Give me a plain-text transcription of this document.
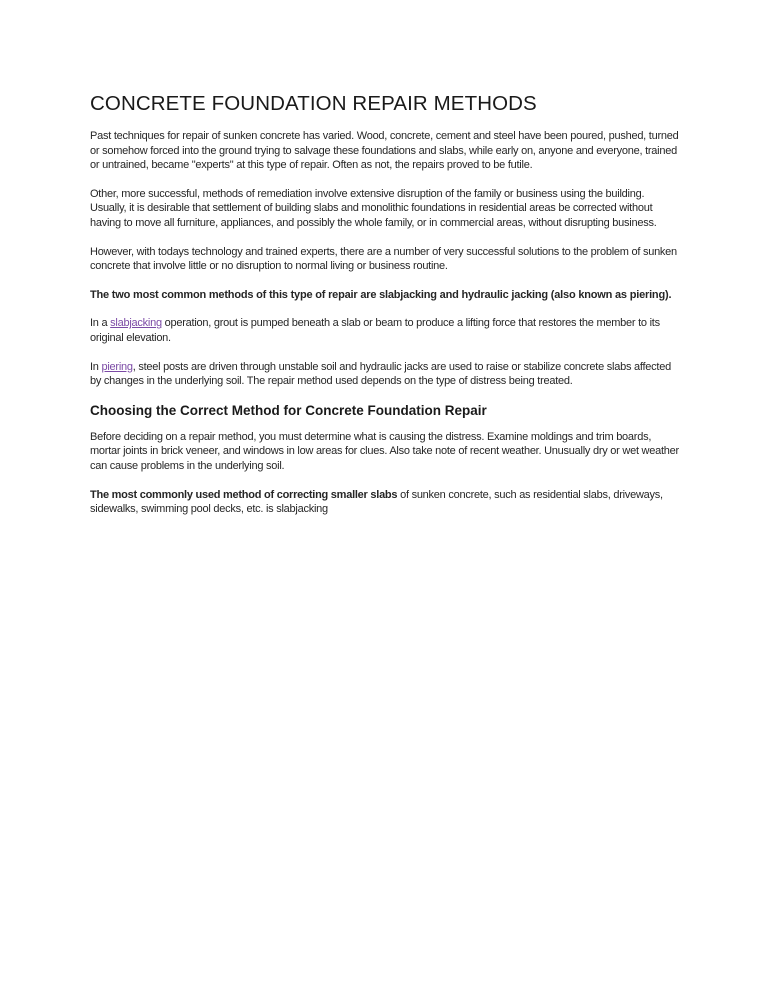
CONCRETE FOUNDATION REPAIR METHODS

Past techniques for repair of sunken concrete has varied. Wood, concrete, cement and steel have been poured, pushed, turned or somehow forced into the ground trying to salvage these foundations and slabs, while early on, anyone and everyone, trained or untrained, became "experts" at this type of repair. Often as not, the repairs proved to be futile.

Other, more successful, methods of remediation involve extensive disruption of the family or business using the building. Usually, it is desirable that settlement of building slabs and monolithic foundations in residential areas be corrected without having to move all furniture, appliances, and possibly the whole family, or in commercial areas, without disrupting business.

However, with todays technology and trained experts, there are a number of very successful solutions to the problem of sunken concrete that involve little or no disruption to normal living or business routine.

The two most common methods of this type of repair are slabjacking and hydraulic jacking (also known as piering).

In a slabjacking operation, grout is pumped beneath a slab or beam to produce a lifting force that restores the member to its original elevation.

In piering, steel posts are driven through unstable soil and hydraulic jacks are used to raise or stabilize concrete slabs affected by changes in the underlying soil. The repair method used depends on the type of distress being treated.

Choosing the Correct Method for Concrete Foundation Repair

Before deciding on a repair method, you must determine what is causing the distress. Examine moldings and trim boards, mortar joints in brick veneer, and windows in low areas for clues. Also take note of recent weather. Unusually dry or wet weather can cause problems in the underlying soil.

The most commonly used method of correcting smaller slabs of sunken concrete, such as residential slabs, driveways, sidewalks, swimming pool decks, etc. is slabjacking
